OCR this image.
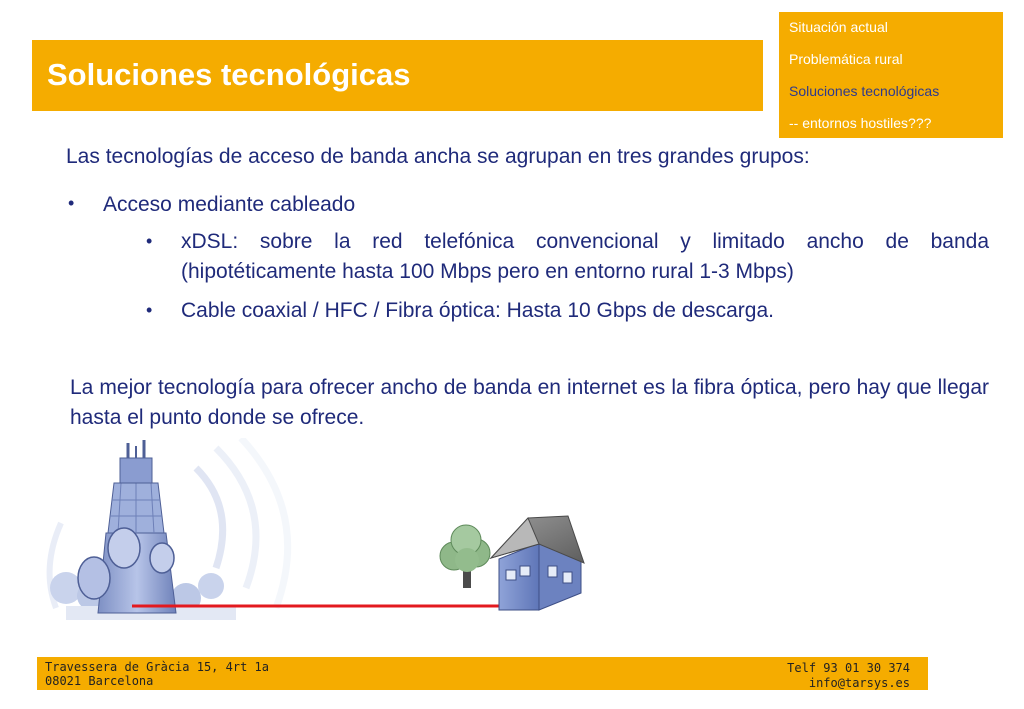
Soluciones tecnológicas
Situación actual
Problemática rural
Soluciones tecnológicas
-- entornos hostiles???
Las tecnologías de acceso de banda ancha se agrupan en tres grandes grupos:
• Acceso mediante cableado
• xDSL: sobre la red telefónica convencional y limitado ancho de banda (hipotéticamente hasta 100 Mbps pero en entorno rural 1-3 Mbps)
• Cable coaxial / HFC / Fibra óptica: Hasta 10 Gbps de descarga.
La mejor tecnología para ofrecer ancho de banda en internet es la fibra óptica, pero hay que llegar hasta el punto donde se ofrece.
Travessera de Gràcia 15, 4rt 1a
08021 Barcelona
Telf 93 01 30 374
info@tarsys.es
